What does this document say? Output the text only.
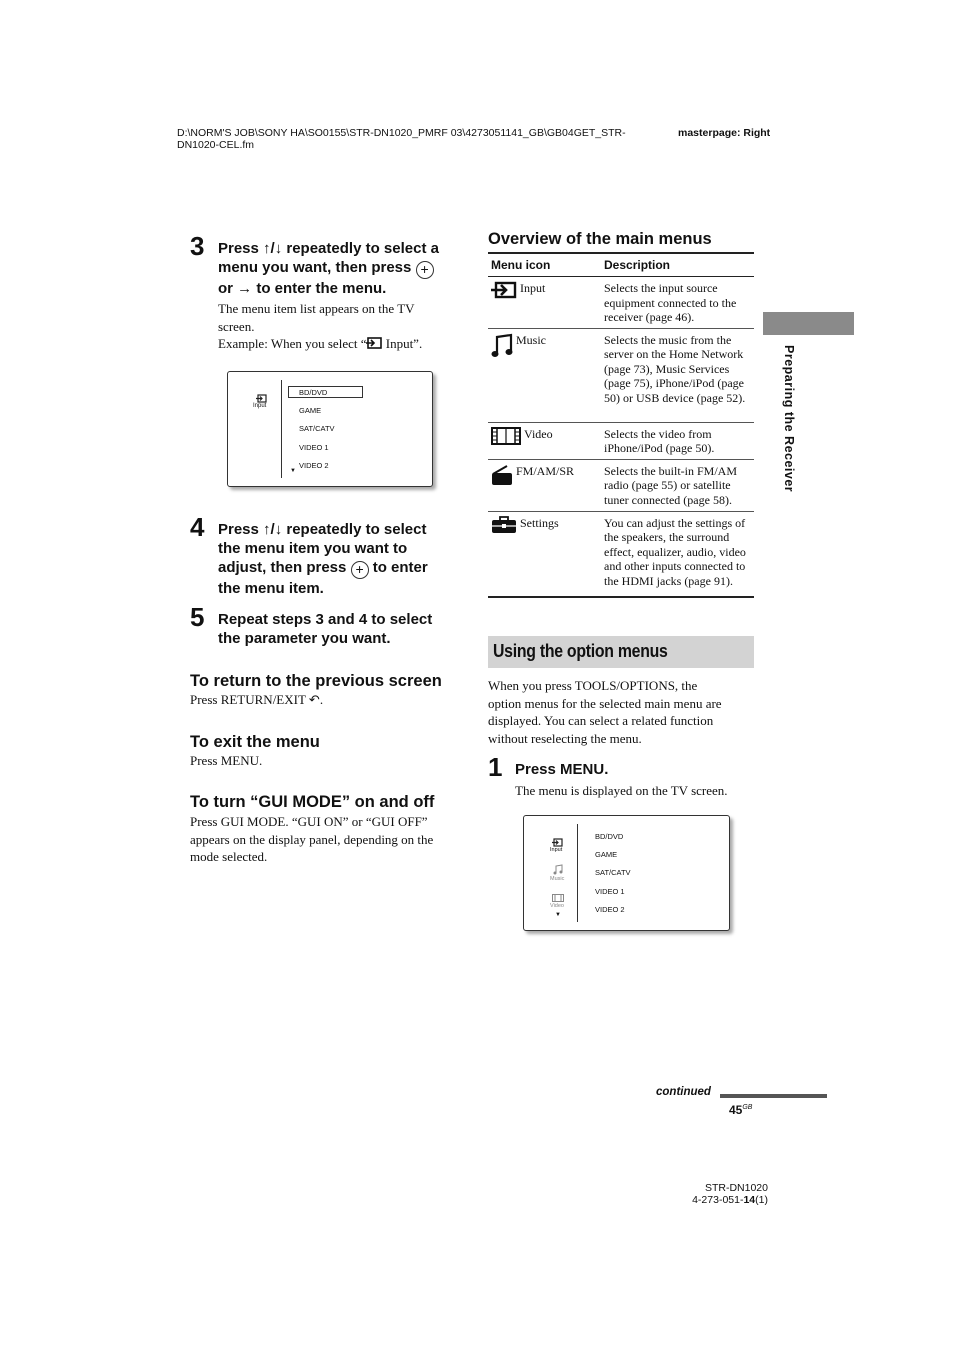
D:\NORM'S JOB\SONY HA\SO0155\STR-DN1020_PMRF 03\4273051141_GB\GB04GET_STR-
DN1020-CEL.fm
masterpage: Right
3 Press ↑/↓ repeatedly to select a
menu you want, then press +
or → to enter the menu.
The menu item list appears on the TV
screen.
Example: When you select “ Input”.
Input
BD/DVD
GAME
SAT/CATV
VIDEO 1
VIDEO 2
▼
4 Press ↑/↓ repeatedly to select
the menu item you want to
adjust, then press + to enter
the menu item.
5 Repeat steps 3 and 4 to select
the parameter you want.
To return to the previous screen
Press RETURN/EXIT ↶.
To exit the menu
Press MENU.
To turn “GUI MODE” on and off
Press GUI MODE. “GUI ON” or “GUI OFF”
appears on the display panel, depending on the
mode selected.
Overview of the main menus
Menu icon	Description
Input	Selects the input source equipment connected to the receiver (page 46).
Music	Selects the music from the server on the Home Network (page 73), Music Services (page 75), iPhone/iPod (page 50) or USB device (page 52).
Video	Selects the video from iPhone/iPod (page 50).
FM/AM/SR	Selects the built-in FM/AM radio (page 55) or satellite tuner connected (page 58).
Settings	You can adjust the settings of the speakers, the surround effect, equalizer, audio, video and other inputs connected to the HDMI jacks (page 91).
Using the option menus
When you press TOOLS/OPTIONS, the
option menus for the selected main menu are
displayed. You can select a related function
without reselecting the menu.
1 Press MENU.
The menu is displayed on the TV screen.
Input
Music
Video
▼
BD/DVD
GAME
SAT/CATV
VIDEO 1
VIDEO 2
Preparing the Receiver
continued
$45^{GB}$
STR-DN1020
4-273-051-14(1)
